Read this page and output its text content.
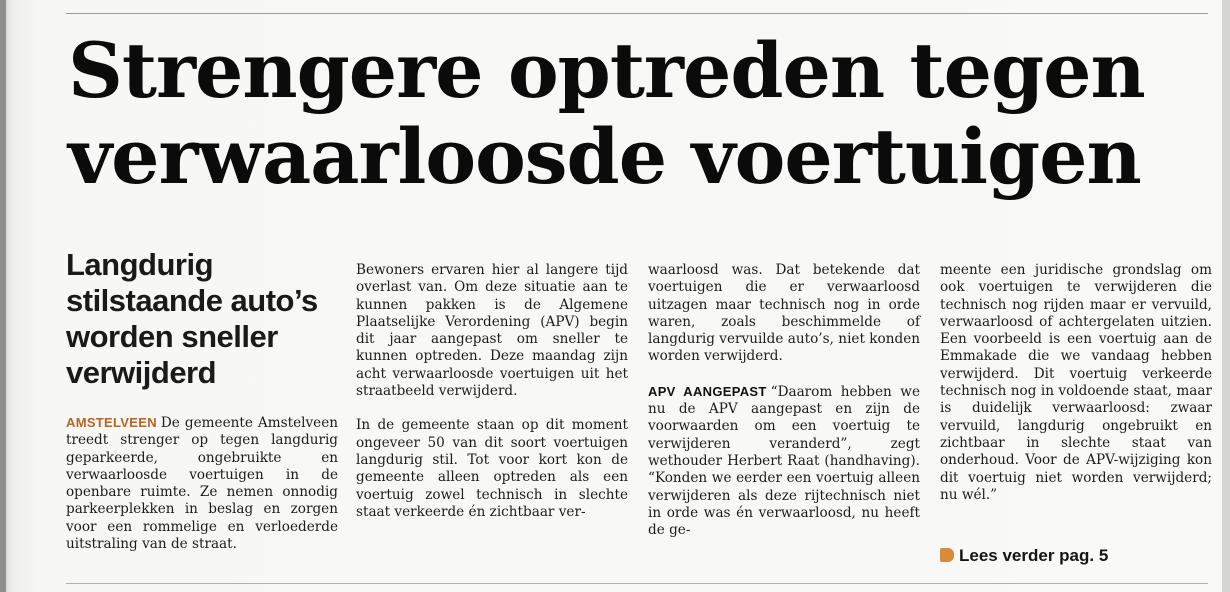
Strengere optreden tegen
verwaarloosde voertuigen
Langdurig
stilstaande auto’s
worden sneller
verwijderd

AMSTELVEEN De gemeente Amstelveen treedt strenger op tegen langdurig geparkeerde, ongebruikte en verwaarloosde voertuigen in de openbare ruimte. Ze nemen onnodig parkeerplekken in beslag en zorgen voor een rommelige en verloederde uitstraling van de straat.

Bewoners ervaren hier al langere tijd overlast van. Om deze situatie aan te kunnen pakken is de Algemene Plaatselijke Verordening (APV) begin dit jaar aangepast om sneller te kunnen optreden. Deze maandag zijn acht verwaarloosde voertuigen uit het straatbeeld verwijderd.

In de gemeente staan op dit moment ongeveer 50 van dit soort voertuigen langdurig stil. Tot voor kort kon de gemeente alleen optreden als een voertuig zowel technisch in slechte staat verkeerde én zichtbaar ver-

waarloosd was. Dat betekende dat voertuigen die er verwaarloosd uitzagen maar technisch nog in orde waren, zoals beschimmelde of langdurig vervuilde auto’s, niet konden worden verwijderd.

APV AANGEPAST “Daarom hebben we nu de APV aangepast en zijn de voorwaarden om een voertuig te verwijderen veranderd”, zegt wethouder Herbert Raat (handhaving). “Konden we eerder een voertuig alleen verwijderen als deze rijtechnisch niet in orde was én verwaarloosd, nu heeft de ge-

meente een juridische grondslag om ook voertuigen te verwijderen die technisch nog rijden maar er vervuild, verwaarloosd of achtergelaten uitzien. Een voorbeeld is een voertuig aan de Emmakade die we vandaag hebben verwijderd. Dit voertuig verkeerde technisch nog in voldoende staat, maar is duidelijk verwaarloosd: zwaar vervuild, langdurig ongebruikt en zichtbaar in slechte staat van onderhoud. Voor de APV-wijziging kon dit voertuig niet worden verwijderd; nu wél.”

Lees verder pag. 5
